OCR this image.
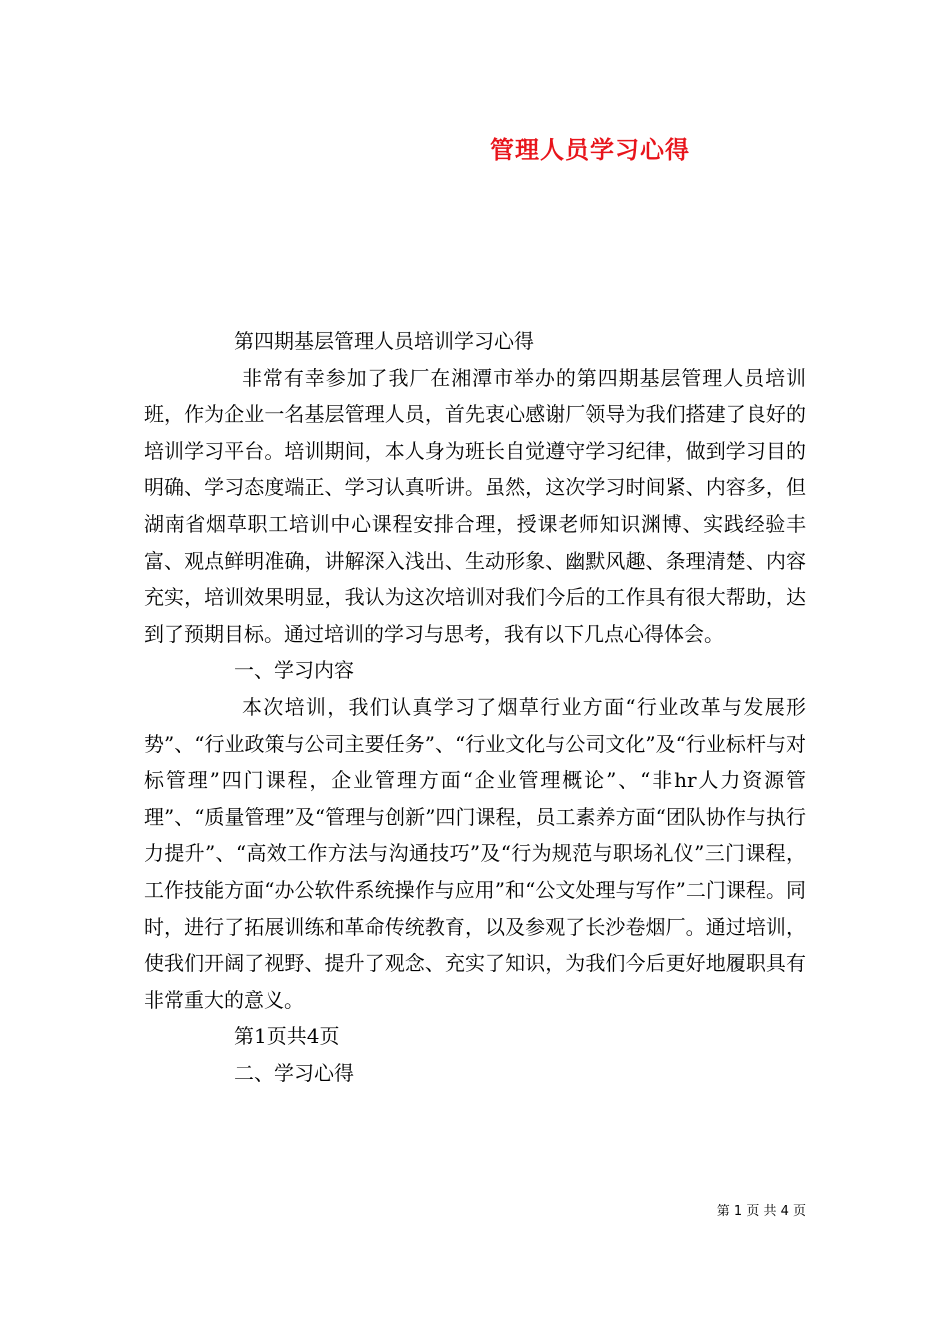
管理人员学习心得

第四期基层管理人员培训学习心得

非常有幸参加了我厂在湘潭市举办的第四期基层管理人员培训班，作为企业一名基层管理人员，首先衷心感谢厂领导为我们搭建了良好的培训学习平台。培训期间，本人身为班长自觉遵守学习纪律，做到学习目的明确、学习态度端正、学习认真听讲。虽然，这次学习时间紧、内容多，但湖南省烟草职工培训中心课程安排合理，授课老师知识渊博、实践经验丰富、观点鲜明准确，讲解深入浅出、生动形象、幽默风趣、条理清楚、内容充实，培训效果明显，我认为这次培训对我们今后的工作具有很大帮助，达到了预期目标。通过培训的学习与思考，我有以下几点心得体会。

一、学习内容

本次培训，我们认真学习了烟草行业方面“行业改革与发展形势”、“行业政策与公司主要任务”、“行业文化与公司文化”及“行业标杆与对标管理”四门课程，企业管理方面“企业管理概论”、“非hr人力资源管理”、“质量管理”及“管理与创新”四门课程，员工素养方面“团队协作与执行力提升”、“高效工作方法与沟通技巧”及“行为规范与职场礼仪”三门课程，工作技能方面“办公软件系统操作与应用”和“公文处理与写作”二门课程。同时，进行了拓展训练和革命传统教育，以及参观了长沙卷烟厂。通过培训，使我们开阔了视野、提升了观念、充实了知识，为我们今后更好地履职具有非常重大的意义。

第1页共4页

二、学习心得

第 1 页 共 4 页
